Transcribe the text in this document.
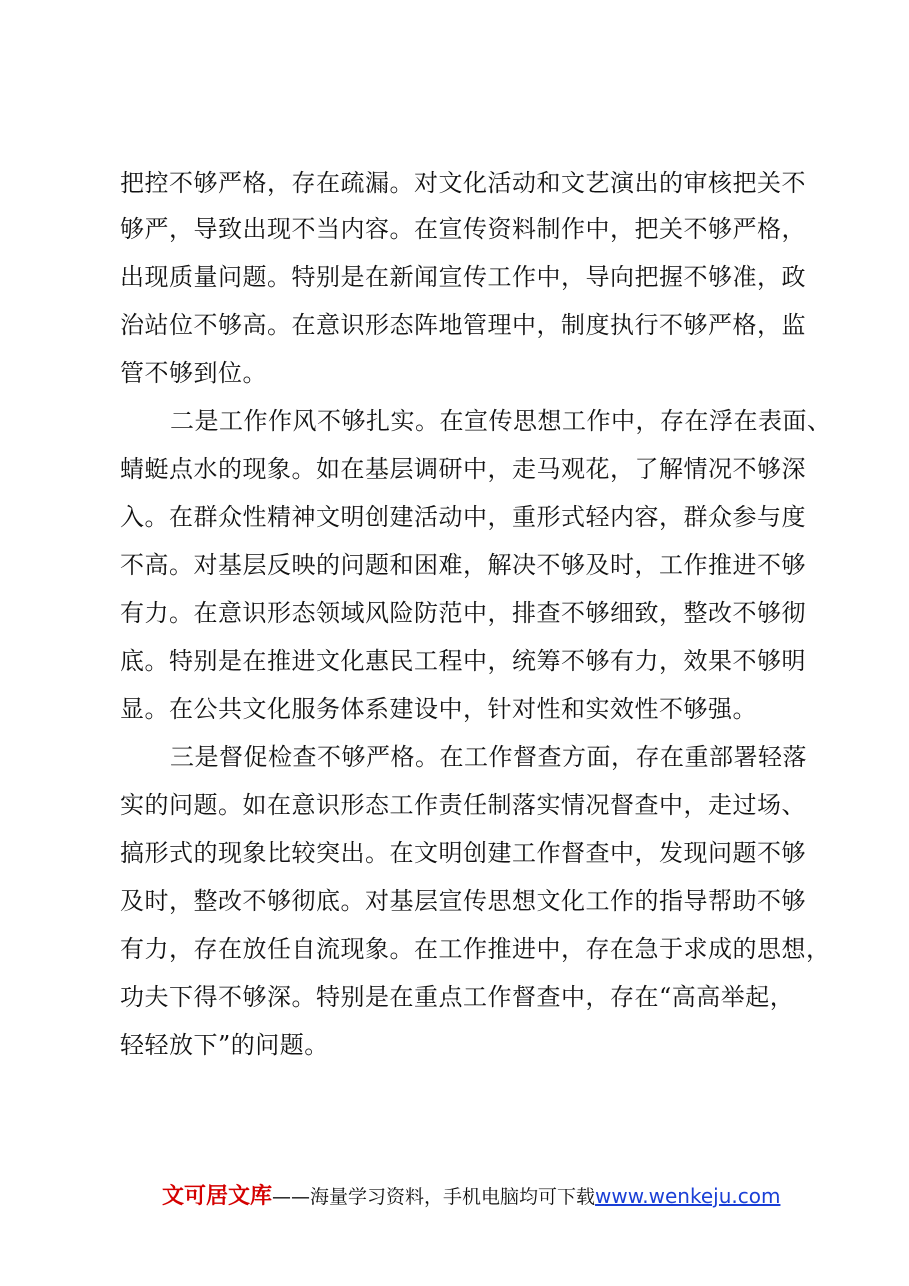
把控不够严格，存在疏漏。对文化活动和文艺演出的审核把关不
够严，导致出现不当内容。在宣传资料制作中，把关不够严格，
出现质量问题。特别是在新闻宣传工作中，导向把握不够准，政
治站位不够高。在意识形态阵地管理中，制度执行不够严格，监
管不够到位。
二是工作作风不够扎实。在宣传思想工作中，存在浮在表面、
蜻蜓点水的现象。如在基层调研中，走马观花，了解情况不够深
入。在群众性精神文明创建活动中，重形式轻内容，群众参与度
不高。对基层反映的问题和困难，解决不够及时，工作推进不够
有力。在意识形态领域风险防范中，排查不够细致，整改不够彻
底。特别是在推进文化惠民工程中，统筹不够有力，效果不够明
显。在公共文化服务体系建设中，针对性和实效性不够强。
三是督促检查不够严格。在工作督查方面，存在重部署轻落
实的问题。如在意识形态工作责任制落实情况督查中，走过场、
搞形式的现象比较突出。在文明创建工作督查中，发现问题不够
及时，整改不够彻底。对基层宣传思想文化工作的指导帮助不够
有力，存在放任自流现象。在工作推进中，存在急于求成的思想，
功夫下得不够深。特别是在重点工作督查中，存在“高高举起，
轻轻放下”的问题。
文可居文库——海量学习资料，手机电脑均可下载www.wenkeju.com
